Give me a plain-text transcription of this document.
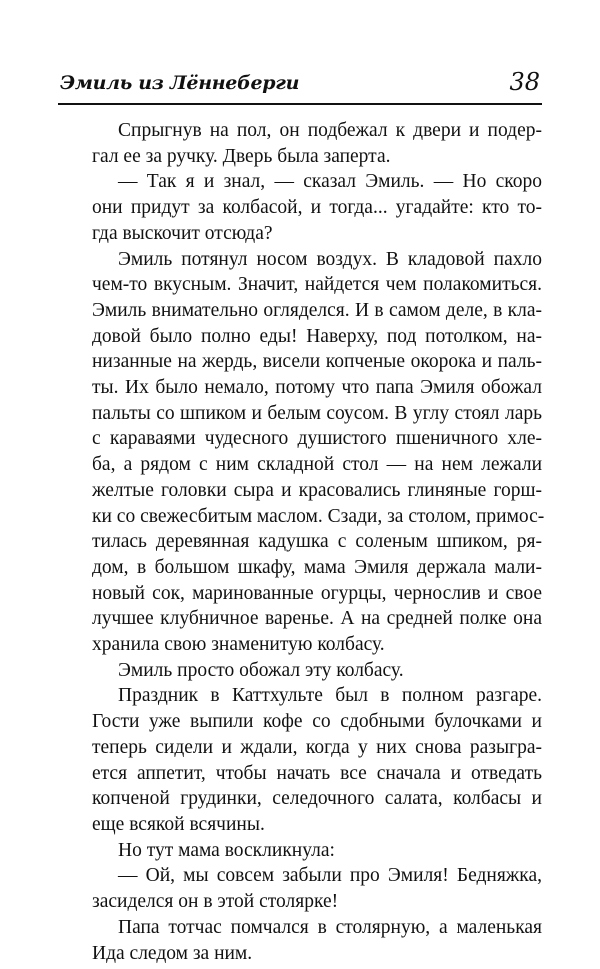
Эмиль из Лённеберги	38
Спрыгнув на пол, он подбежал к двери и подер-
гал ее за ручку. Дверь была заперта.
— Так я и знал, — сказал Эмиль. — Но скоро
они придут за колбасой, и тогда... угадайте: кто то-
гда выскочит отсюда?
Эмиль потянул носом воздух. В кладовой пахло
чем-то вкусным. Значит, найдется чем полакомиться.
Эмиль внимательно огляделся. И в самом деле, в кла-
довой было полно еды! Наверху, под потолком, на-
низанные на жердь, висели копченые окорока и паль-
ты. Их было немало, потому что папа Эмиля обожал
пальты со шпиком и белым соусом. В углу стоял ларь
с караваями чудесного душистого пшеничного хле-
ба, а рядом с ним складной стол — на нем лежали
желтые головки сыра и красовались глиняные горш-
ки со свежесбитым маслом. Сзади, за столом, примос-
тилась деревянная кадушка с соленым шпиком, ря-
дом, в большом шкафу, мама Эмиля держала мали-
новый сок, маринованные огурцы, чернослив и свое
лучшее клубничное варенье. А на средней полке она
хранила свою знаменитую колбасу.
Эмиль просто обожал эту колбасу.
Праздник в Каттхульте был в полном разгаре.
Гости уже выпили кофе со сдобными булочками и
теперь сидели и ждали, когда у них снова разыгра-
ется аппетит, чтобы начать все сначала и отведать
копченой грудинки, селедочного салата, колбасы и
еще всякой всячины.
Но тут мама воскликнула:
— Ой, мы совсем забыли про Эмиля! Бедняжка,
засиделся он в этой столярке!
Папа тотчас помчался в столярную, а маленькая
Ида следом за ним.
